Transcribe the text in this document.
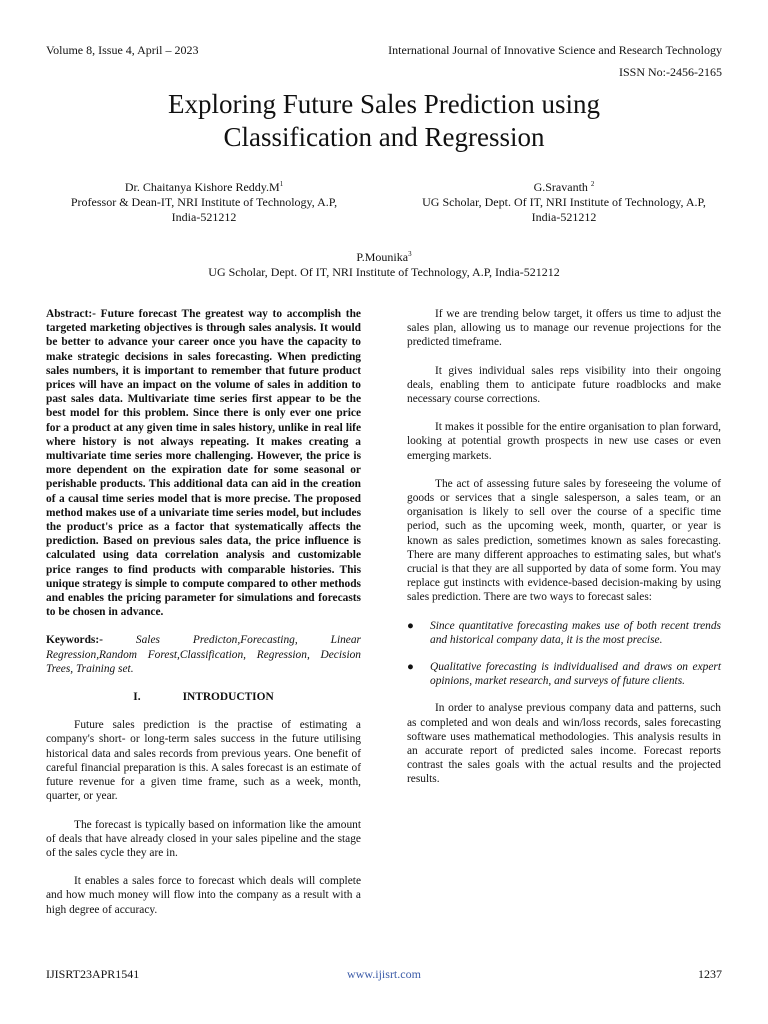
Volume 8, Issue 4, April – 2023	International Journal of Innovative Science and Research Technology
ISSN No:-2456-2165
Exploring Future Sales Prediction using
Classification and Regression
Dr. Chaitanya Kishore $Reddy.M^1$
Professor & Dean-IT, NRI Institute of Technology, A.P,
India-521212
G.Sravanth $^2$
UG Scholar, Dept. Of IT, NRI Institute of Technology, A.P,
India-521212
P.Mounika$^3$
UG Scholar, Dept. Of IT, NRI Institute of Technology, A.P, India-521212

Abstract:- Future forecast The greatest way to accomplish the targeted marketing objectives is through sales analysis. It would be better to advance your career once you have the capacity to make strategic decisions in sales forecasting. When predicting sales numbers, it is important to remember that future product prices will have an impact on the volume of sales in addition to past sales data. Multivariate time series first appear to be the best model for this problem. Since there is only ever one price for a product at any given time in sales history, unlike in real life where history is not always repeating. It makes creating a multivariate time series more challenging. However, the price is more dependent on the expiration date for some seasonal or perishable products. This additional data can aid in the creation of a causal time series model that is more precise. The proposed method makes use of a univariate time series model, but includes the product's price as a factor that systematically affects the prediction. Based on previous sales data, the price influence is calculated using data correlation analysis and customizable price ranges to find products with comparable histories. This unique strategy is simple to compute compared to other methods and enables the pricing parameter for simulations and forecasts to be chosen in advance.

Keywords:-	Sales Predicton,Forecasting, Linear Regression,Random Forest,Classification, Regression, Decision Trees, Training set.

I.	INTRODUCTION

Future sales prediction is the practise of estimating a company's short- or long-term sales success in the future utilising historical data and sales records from previous years. One benefit of careful financial preparation is this. A sales forecast is an estimate of future revenue for a given time frame, such as a week, month, quarter, or year.

The forecast is typically based on information like the amount of deals that have already closed in your sales pipeline and the stage of the sales cycle they are in.

It enables a sales force to forecast which deals will complete and how much money will flow into the company as a result with a high degree of accuracy.

If we are trending below target, it offers us time to adjust the sales plan, allowing us to manage our revenue projections for the predicted timeframe.

It gives individual sales reps visibility into their ongoing deals, enabling them to anticipate future roadblocks and make necessary course corrections.

It makes it possible for the entire organisation to plan forward, looking at potential growth prospects in new use cases or even emerging markets.

The act of assessing future sales by foreseeing the volume of goods or services that a single salesperson, a sales team, or an organisation is likely to sell over the course of a specific time period, such as the upcoming week, month, quarter, or year is known as sales prediction, sometimes known as sales forecasting. There are many different approaches to estimating sales, but what's crucial is that they are all supported by data of some form. You may replace gut instincts with evidence-based decision-making by using sales prediction. There are two ways to forecast sales:

● Since quantitative forecasting makes use of both recent trends and historical company data, it is the most precise.
● Qualitative forecasting is individualised and draws on expert opinions, market research, and surveys of future clients.

In order to analyse previous company data and patterns, such as completed and won deals and win/loss records, sales forecasting software uses mathematical methodologies. This analysis results in an accurate report of predicted sales income. Forecast reports contrast the sales goals with the actual results and the projected results.

IJISRT23APR1541	www.ijisrt.com	1237
